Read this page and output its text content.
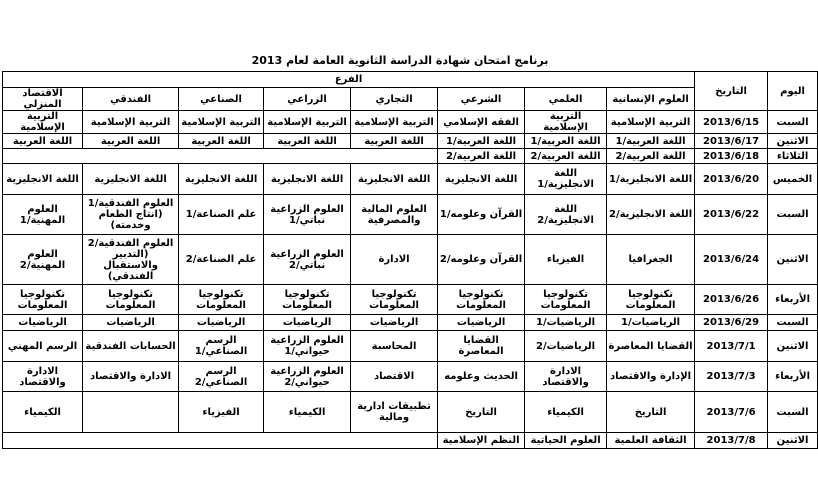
برنامج امتحان شهادة الدراسة الثانوية العامة لعام 2013
اليوم	التاريخ	الفرع							
		العلوم الإنسانية	العلمي	الشرعي	التجاري	الزراعي	الصناعي	الفندقي	الاقتصاد المنزلي
السبت	2013/6/15	التربية الإسلامية	التربية الإسلامية	الفقه الإسلامي	التربية الإسلامية	التربية الإسلامية	التربية الإسلامية	التربية الإسلامية	التربية الإسلامية
الاثنين	2013/6/17	اللغة العربية/1	اللغة العربية/1	اللغة العربية/1	اللغة العربية	اللغة العربية	اللغة العربية	اللغة العربية	اللغة العربية
الثلاثاء	2013/6/18	اللغة العربية/2	اللغة العربية/2	اللغة العربية/2					
الخميس	2013/6/20	اللغة الانجليزية/1	اللغة الانجليزية/1	اللغة الانجليزية	اللغة الانجليزية	اللغة الانجليزية	اللغة الانجليزية	اللغة الانجليزية	اللغة الانجليزية
السبت	2013/6/22	اللغة الانجليزية/2	اللغة الانجليزية/2	القرآن وعلومه/1	العلوم المالية والمصرفية	العلوم الزراعية نباتي/1	علم الصناعة/1	العلوم الفندقية/1 (انتاج الطعام وخدمته)	العلوم المهنية/1
الاثنين	2013/6/24	الجغرافيا	الفيزياء	القرآن وعلومه/2	الادارة	العلوم الزراعية نباتي/2	علم الصناعة/2	العلوم الفندقية/2 (التدبير والاستقبال الفندقي)	العلوم المهنية/2
الأربعاء	2013/6/26	تكنولوجيا المعلومات	تكنولوجيا المعلومات	تكنولوجيا المعلومات	تكنولوجيا المعلومات	تكنولوجيا المعلومات	تكنولوجيا المعلومات	تكنولوجيا المعلومات	تكنولوجيا المعلومات
السبت	2013/6/29	الرياضيات/1	الرياضيات/1	الرياضيات	الرياضيات	الرياضيات	الرياضيات	الرياضيات	الرياضيات
الاثنين	2013/7/1	القضايا المعاصرة	الرياضيات/2	القضايا المعاصرة	المحاسبة	العلوم الزراعية حيواني/1	الرسم الصناعي/1	الحسابات الفندقية	الرسم المهني
الأربعاء	2013/7/3	الإدارة والاقتصاد	الادارة والاقتصاد	الحديث وعلومه	الاقتصاد	العلوم الزراعية حيواني/2	الرسم الصناعي/2	الادارة والاقتصاد	الادارة والاقتصاد
السبت	2013/7/6	التاريخ	الكيمياء	التاريخ	تطبيقات ادارية ومالية	الكيمياء	الفيزياء		الكيمياء
الاثنين	2013/7/8	الثقافة العلمية	العلوم الحياتية	النظم الإسلامية					
